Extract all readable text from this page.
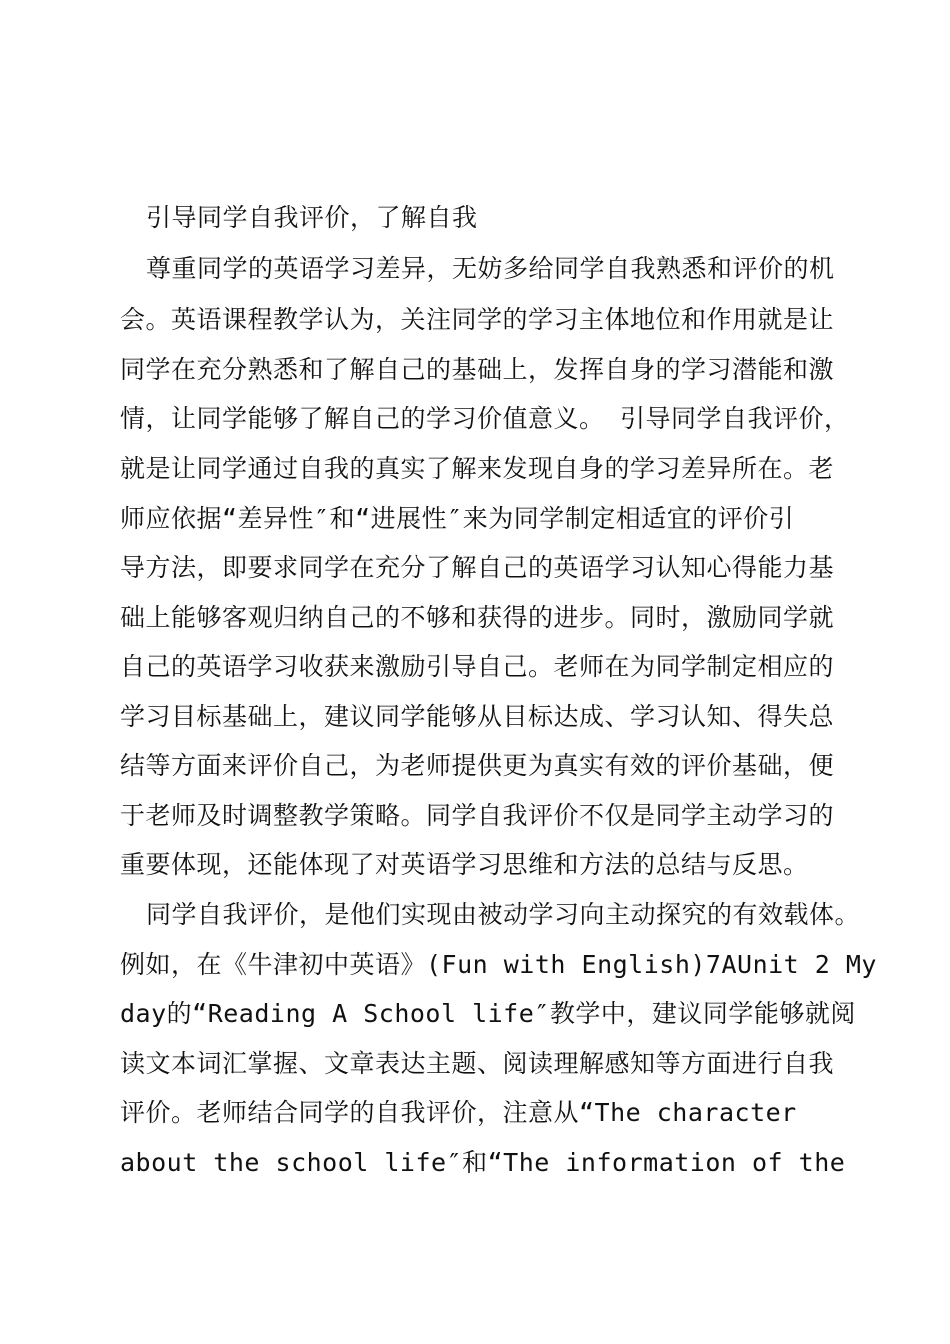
引导同学自我评价，了解自我
尊重同学的英语学习差异，无妨多给同学自我熟悉和评价的机
会。英语课程教学认为，关注同学的学习主体地位和作用就是让
同学在充分熟悉和了解自己的基础上，发挥自身的学习潜能和激
情，让同学能够了解自己的学习价值意义。 引导同学自我评价，
就是让同学通过自我的真实了解来发现自身的学习差异所在。老
师应依据“差异性″和“进展性″来为同学制定相适宜的评价引
导方法，即要求同学在充分了解自己的英语学习认知心得能力基
础上能够客观归纳自己的不够和获得的进步。同时，激励同学就
自己的英语学习收获来激励引导自己。老师在为同学制定相应的
学习目标基础上，建议同学能够从目标达成、学习认知、得失总
结等方面来评价自己，为老师提供更为真实有效的评价基础，便
于老师及时调整教学策略。同学自我评价不仅是同学主动学习的
重要体现，还能体现了对英语学习思维和方法的总结与反思。
同学自我评价，是他们实现由被动学习向主动探究的有效载体。
例如，在《牛津初中英语》(Fun with English)7AUnit 2 My
day的“Reading A School life″教学中，建议同学能够就阅
读文本词汇掌握、文章表达主题、阅读理解感知等方面进行自我
评价。老师结合同学的自我评价，注意从“The character
about the school life″和“The information of the
